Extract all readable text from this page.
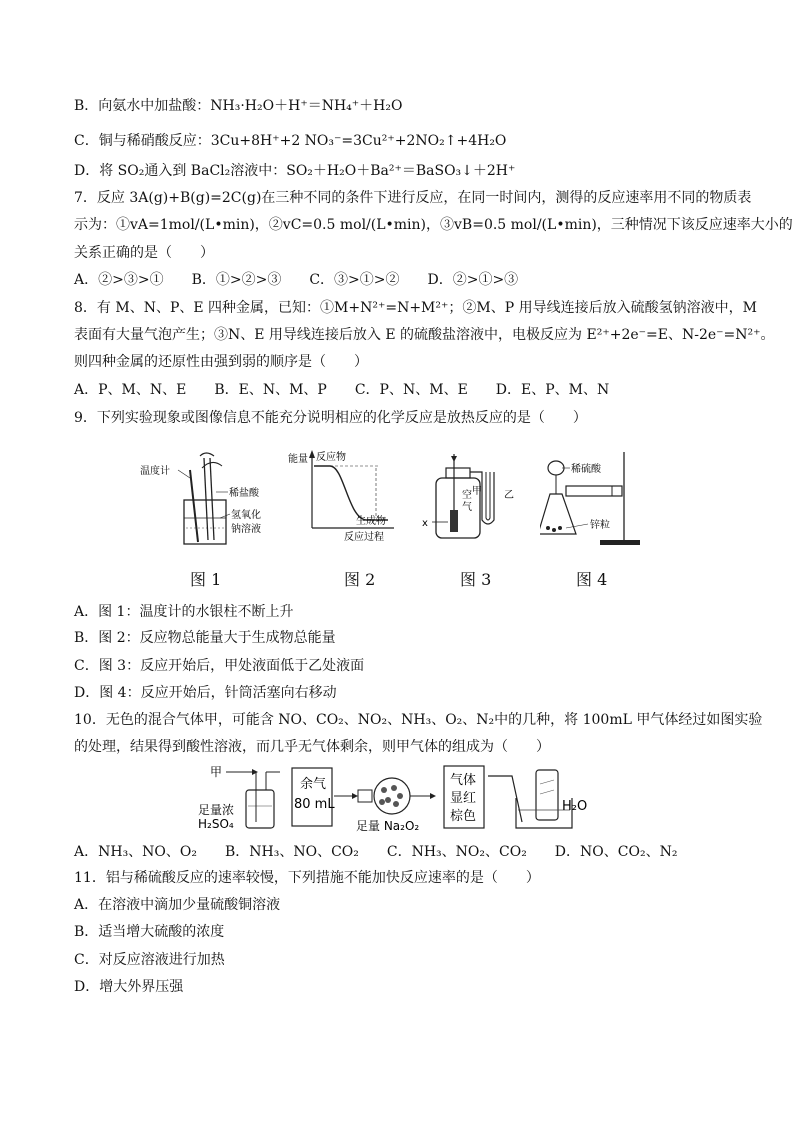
B．向氨水中加盐酸：NH₃·H₂O＋H⁺＝NH₄⁺＋H₂O
C．铜与稀硝酸反应：3Cu+8H⁺+2 NO₃⁻=3Cu²⁺+2NO₂↑+4H₂O
D．将 SO₂通入到 BaCl₂溶液中：SO₂＋H₂O＋Ba²⁺＝BaSO₃↓＋2H⁺
7．反应 3A(g)+B(g)=2C(g)在三种不同的条件下进行反应，在同一时间内，测得的反应速率用不同的物质表
示为：①vA=1mol/(L•min)，②vC=0.5 mol/(L•min)，③vB=0.5 mol/(L•min)，三种情况下该反应速率大小的
关系正确的是（　　）
A．②>③>①　　B．①>②>③　　C．③>①>②　　D．②>①>③
8．有 M、N、P、E 四种金属，已知：①M+N²⁺=N+M²⁺；②M、P 用导线连接后放入硫酸氢钠溶液中，M
表面有大量气泡产生；③N、E 用导线连接后放入 E 的硫酸盐溶液中，电极反应为 E²⁺+2e⁻=E、N-2e⁻=N²⁺。
则四种金属的还原性由强到弱的顺序是（　　）
A．P、M、N、E　　B．E、N、M、P　　C．P、N、M、E　　D．E、P、M、N
9．下列实验现象或图像信息不能充分说明相应的化学反应是放热反应的是（　　）
温度计
稀盐酸
氢氧化
钠溶液
能量 反应物
生成物
反应过程
甲 乙
空
气
x
稀硫酸
锌粒
图 1	图 2	图 3	图 4
A．图 1：温度计的水银柱不断上升
B．图 2：反应物总能量大于生成物总能量
C．图 3：反应开始后，甲处液面低于乙处液面
D．图 4：反应开始后，针筒活塞向右移动
10．无色的混合气体甲，可能含 NO、CO₂、NO₂、NH₃、O₂、N₂中的几种，将 100mL 甲气体经过如图实验
的处理，结果得到酸性溶液，而几乎无气体剩余，则甲气体的组成为（　　）
甲
足量浓
H₂SO₄
余气
80 mL
足量 Na₂O₂
气体
显红
棕色
H₂O
A．NH₃、NO、O₂　　B．NH₃、NO、CO₂　　C．NH₃、NO₂、CO₂　　D．NO、CO₂、N₂
11．铝与稀硫酸反应的速率较慢，下列措施不能加快反应速率的是（　　）
A．在溶液中滴加少量硫酸铜溶液
B．适当增大硫酸的浓度
C．对反应溶液进行加热
D．增大外界压强
